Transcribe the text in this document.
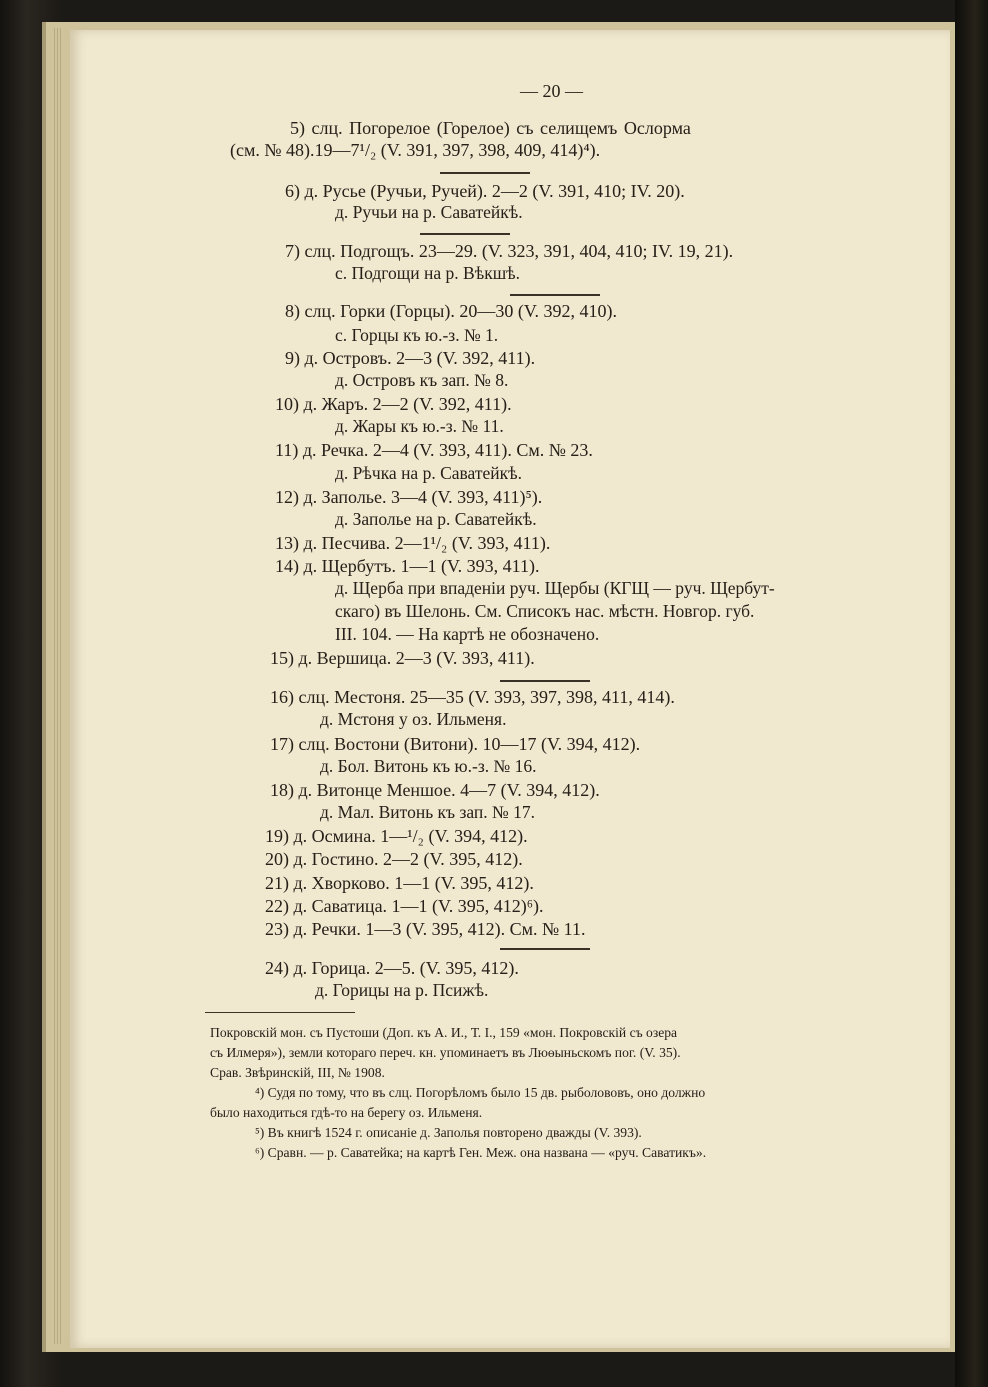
— 20 —
5) слц. Погорелое (Горелое) съ селищемъ Ослорма
(см. № 48).19—7¹/₂ (V. 391, 397, 398, 409, 414)⁴).
6) д. Русье (Ручьи, Ручей). 2—2 (V. 391, 410; IV. 20).
д. Ручьи на р. Саватейкѣ.
7) слц. Подгощъ. 23—29. (V. 323, 391, 404, 410; IV. 19, 21).
с. Подгощи на р. Вѣкшѣ.
8) слц. Горки (Горцы). 20—30 (V. 392, 410).
с. Горцы къ ю.-з. № 1.
9) д. Островъ. 2—3 (V. 392, 411).
д. Островъ къ зап. № 8.
10) д. Жаръ. 2—2 (V. 392, 411).
д. Жары къ ю.-з. № 11.
11) д. Речка. 2—4 (V. 393, 411). См. № 23.
д. Рѣчка на р. Саватейкѣ.
12) д. Заполье. 3—4 (V. 393, 411)⁵).
д. Заполье на р. Саватейкѣ.
13) д. Песчива. 2—1¹/₂ (V. 393, 411).
14) д. Щербутъ. 1—1 (V. 393, 411).
д. Щерба при впаденіи руч. Щербы (КГЩ — руч. Щербут-
скаго) въ Шелонь. См. Списокъ нас. мѣстн. Новгор. губ.
III. 104. — На картѣ не обозначено.
15) д. Вершица. 2—3 (V. 393, 411).
16) слц. Местоня. 25—35 (V. 393, 397, 398, 411, 414).
д. Мстоня у оз. Ильменя.
17) слц. Востони (Витони). 10—17 (V. 394, 412).
д. Бол. Витонь къ ю.-з. № 16.
18) д. Витонце Меншое. 4—7 (V. 394, 412).
д. Мал. Витонь къ зап. № 17.
19) д. Осмина. 1—¹/₂ (V. 394, 412).
20) д. Гостино. 2—2 (V. 395, 412).
21) д. Хворково. 1—1 (V. 395, 412).
22) д. Саватица. 1—1 (V. 395, 412)⁶).
23) д. Речки. 1—3 (V. 395, 412). См. № 11.
24) д. Горица. 2—5. (V. 395, 412).
д. Горицы на р. Псижѣ.
Покровскій мон. съ Пустоши (Доп. къ А. И., Т. I., 159 «мон. Покровскій съ озера
съ Илмеря»), земли котораго переч. кн. упоминаетъ въ Люѳыньскомъ пог. (V. 35).
Срав. Звѣринскій, III, № 1908.
⁴) Судя по тому, что въ слц. Погорѣломъ было 15 дв. рыболововъ, оно должно
было находиться гдѣ-то на берегу оз. Ильменя.
⁵) Въ книгѣ 1524 г. описаніе д. Заполья повторено дважды (V. 393).
⁶) Сравн. — р. Саватейка; на картѣ Ген. Меж. она названа — «руч. Саватикъ».
